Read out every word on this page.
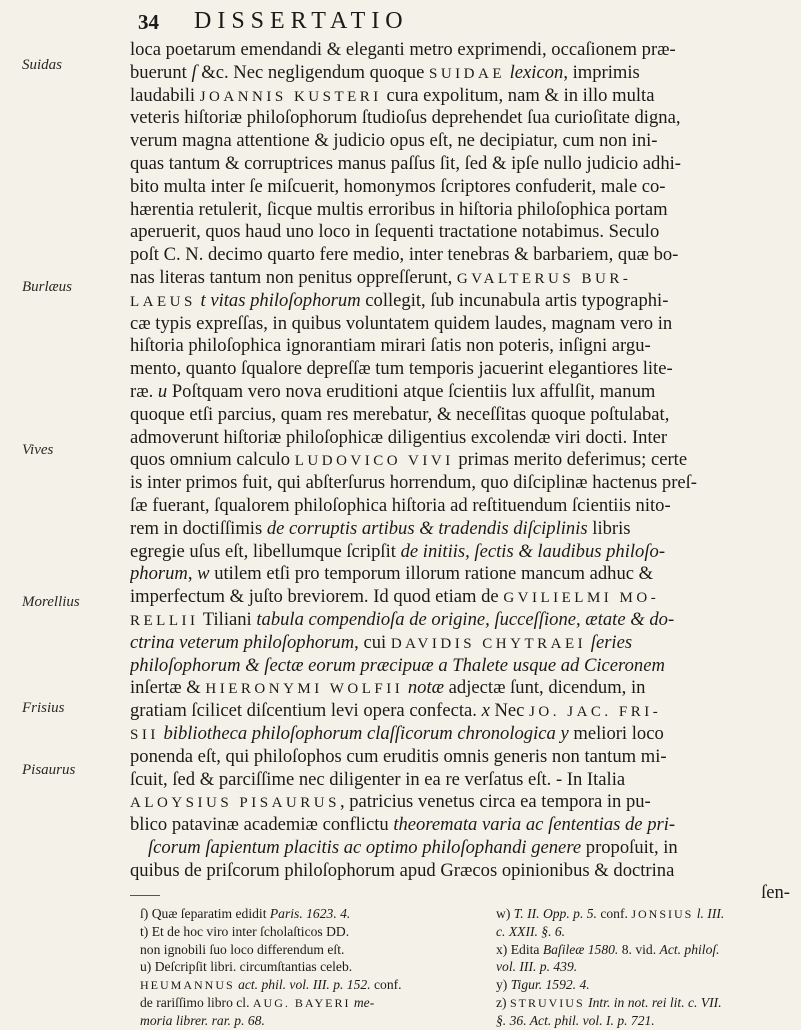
34 DISSERTATIO
Suidas
Burlæus
Vives
Morellius
Frisius
Pisaurus
loca poetarum emendandi & eleganti metro exprimendi, occaſionem præ-
buerunt ſ &c. Nec negligendum quoque SUIDAE lexicon, imprimis
laudabili JOANNIS KUSTERI cura expolitum, nam & in illo multa
veteris hiſtoriæ philoſophorum ſtudioſus deprehendet ſua curioſitate digna,
verum magna attentione & judicio opus eſt, ne decipiatur, cum non ini-
quas tantum & corruptrices manus paſſus ſit, ſed & ipſe nullo judicio adhi-
bito multa inter ſe miſcuerit, homonymos ſcriptores confuderit, male co-
hærentia retulerit, ſicque multis erroribus in hiſtoria philoſophica portam
aperuerit, quos haud uno loco in ſequenti tractatione notabimus. Seculo
poſt C. N. decimo quarto fere medio, inter tenebras & barbariem, quæ bo-
nas literas tantum non penitus oppreſſerunt, GVALTERUS BUR-
LAEUS t vitas philoſophorum collegit, ſub incunabula artis typographi-
cæ typis expreſſas, in quibus voluntatem quidem laudes, magnam vero in
hiſtoria philoſophica ignorantiam mirari ſatis non poteris, inſigni argu-
mento, quanto ſqualore depreſſæ tum temporis jacuerint elegantiores lite-
ræ. u Poſtquam vero nova eruditioni atque ſcientiis lux affulſit, manum
quoque etſi parcius, quam res merebatur, & neceſſitas quoque poſtulabat,
admoverunt hiſtoriæ philoſophicæ diligentius excolendæ viri docti. Inter
quos omnium calculo LUDOVICO VIVI primas merito deferimus; certe
is inter primos fuit, qui abſterſurus horrendum, quo diſciplinæ hactenus preſ-
ſæ fuerant, ſqualorem philoſophica hiſtoria ad reſtituendum ſcientiis nito-
rem in doctiſſimis de corruptis artibus & tradendis diſciplinis libris
egregie uſus eſt, libellumque ſcripſit de initiis, ſectis & laudibus philoſo-
phorum, w utilem etſi pro temporum illorum ratione mancum adhuc &
imperfectum & juſto breviorem. Id quod etiam de GVILIELMI MO-
RELLII Tiliani tabula compendioſa de origine, ſucceſſione, ætate & do-
ctrina veterum philoſophorum, cui DAVIDIS CHYTRAEI ſeries
philoſophorum & ſectæ eorum præcipuæ a Thalete usque ad Ciceronem
inſertæ & HIERONYMI WOLFII notæ adjectæ ſunt, dicendum, in
gratiam ſcilicet diſcentium levi opera confecta. x Nec JO. JAC. FRI-
SII bibliotheca philoſophorum claſſicorum chronologica y meliori loco
ponenda eſt, qui philoſophos cum eruditis omnis generis non tantum mi-
ſcuit, ſed & parciſſime nec diligenter in ea re verſatus eſt. - In Italia
ALOYSIUS PISAURUS, patricius venetus circa ea tempora in pu-
blico patavinæ academiæ conflictu theoremata varia ac ſententias de pri-
ſcorum ſapientum placitis ac optimo philoſophandi genere propoſuit, in
quibus de priſcorum philoſophorum apud Græcos opinionibus & doctrina
ſen-
ſ) Quæ ſeparatim edidit Paris. 1623. 4.
t) Et de hoc viro inter ſcholaſticos DD.
non ignobili ſuo loco differendum eſt.
u) Deſcripſit libri. circumſtantias celeb.
HEUMANNUS act. phil. vol. III. p. 152. conf.
de rariſſimo libro cl. AUG. BAYERI me-
moria librer. rar. p. 68.
w) T. II. Opp. p. 5. conf. JONSIUS l. III.
c. XXII. §. 6.
x) Edita Baſileæ 1580. 8. vid. Act. philoſ.
vol. III. p. 439.
y) Tigur. 1592. 4.
z) STRUVIUS Intr. in not. rei lit. c. VII.
§. 36. Act. phil. vol. I. p. 721.
